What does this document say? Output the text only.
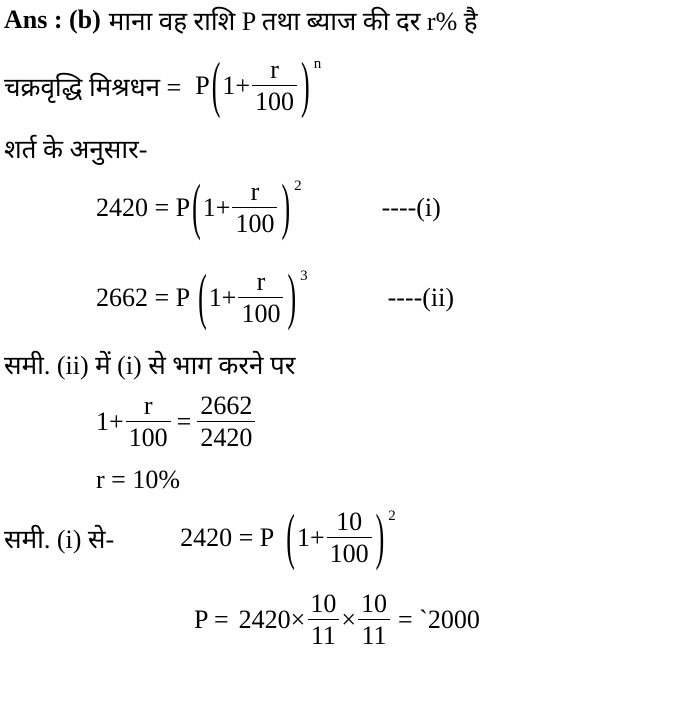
Ans : (b) माना वह राशि P तथा ब्याज की दर r% है
चक्रवृद्धि मिश्रधन = P ( $1+ \frac{r}{100}$ ) n
शर्त के अनुसार-
2420 = P ( $1+ \frac{r}{100}$ ) 2
----(i)
2662 = P ( $1+ \frac{r}{100}$ ) 3
----(ii)
समी. (ii) में (i) से भाग करने पर
$1+ \frac{r}{100} = \frac{2662}{2420}$
r = 10%
समी. (i) से-	2420 = P ( $1+ \frac{10}{100}$ ) 2
$P = 2420 \times \frac{10}{11} \times \frac{10}{11}$ = `2000
